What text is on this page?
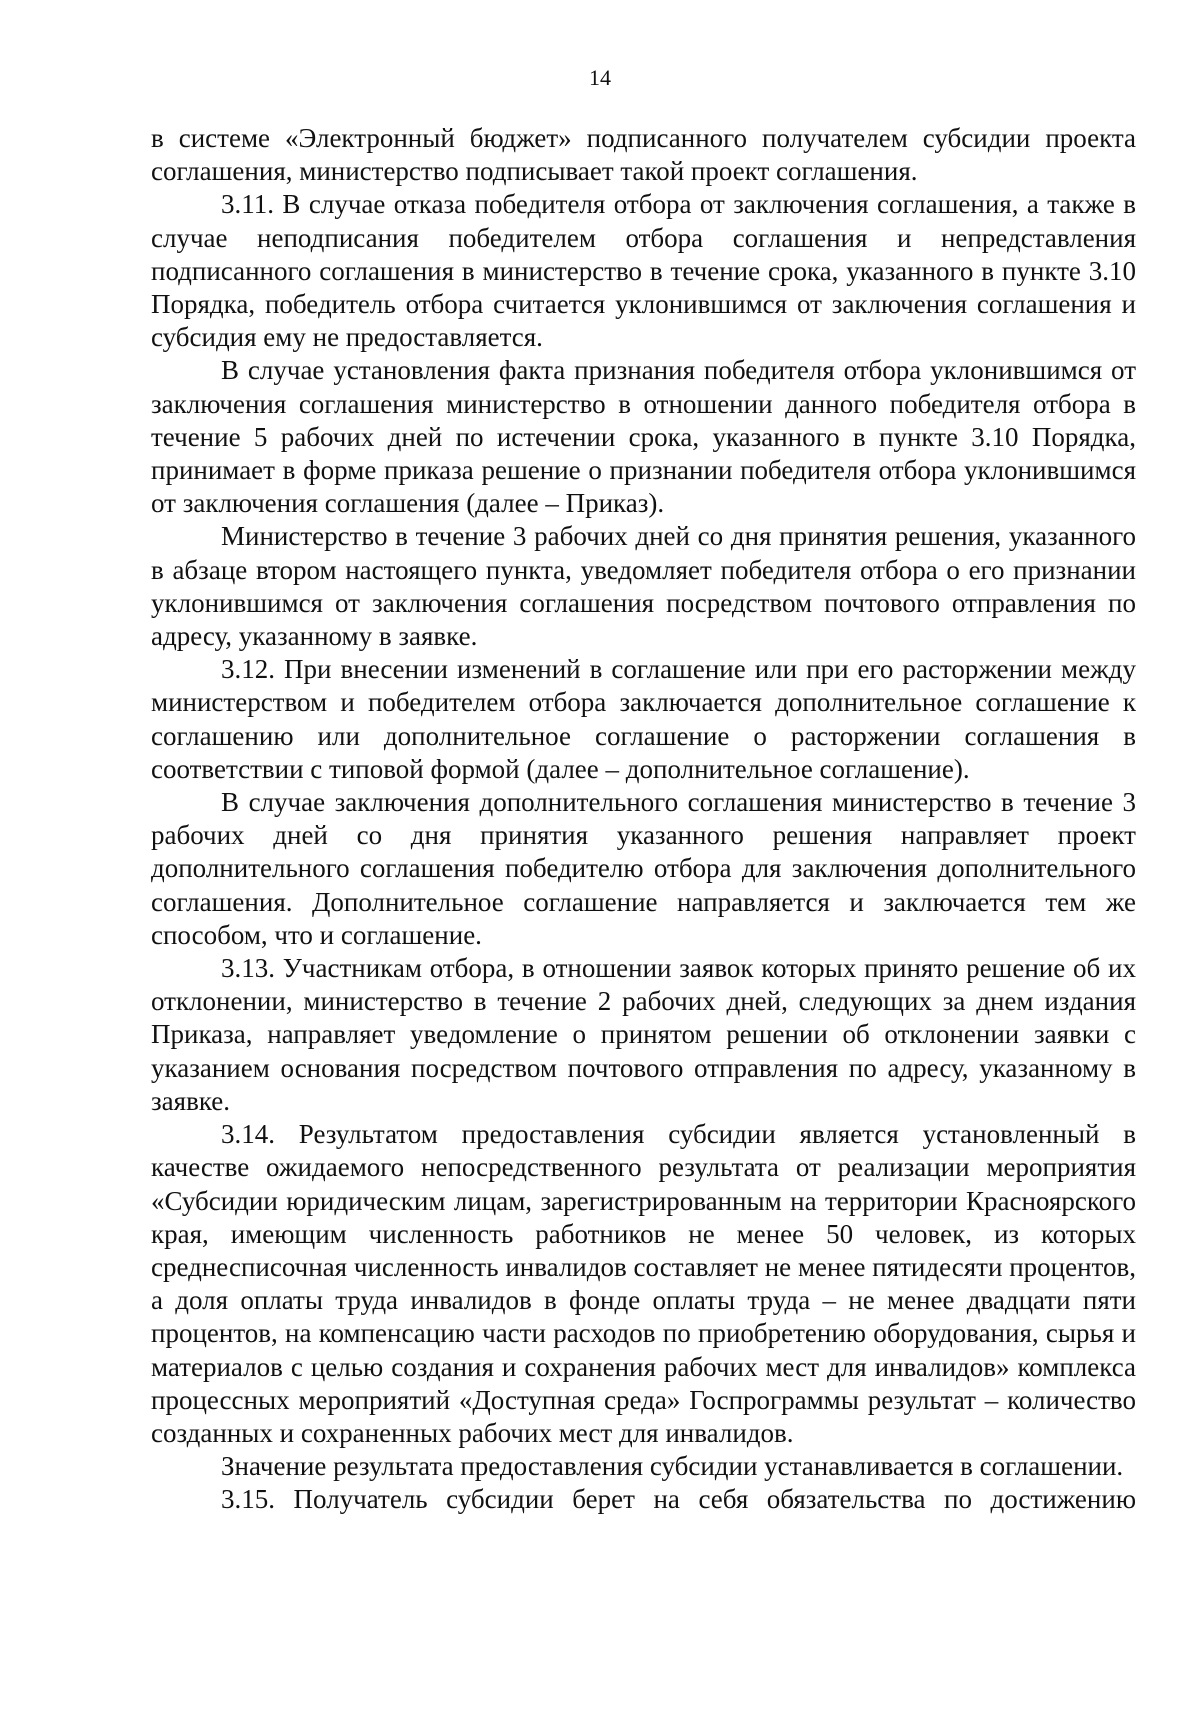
14

в системе «Электронный бюджет» подписанного получателем субсидии проекта соглашения, министерство подписывает такой проект соглашения.

3.11. В случае отказа победителя отбора от заключения соглашения, а также в случае неподписания победителем отбора соглашения и непредставления подписанного соглашения в министерство в течение срока, указанного в пункте 3.10 Порядка, победитель отбора считается уклонившимся от заключения соглашения и субсидия ему не предоставляется.

В случае установления факта признания победителя отбора уклонившимся от заключения соглашения министерство в отношении данного победителя отбора в течение 5 рабочих дней по истечении срока, указанного в пункте 3.10 Порядка, принимает в форме приказа решение о признании победителя отбора уклонившимся от заключения соглашения (далее – Приказ).

Министерство в течение 3 рабочих дней со дня принятия решения, указанного в абзаце втором настоящего пункта, уведомляет победителя отбора о его признании уклонившимся от заключения соглашения посредством почтового отправления по адресу, указанному в заявке.

3.12. При внесении изменений в соглашение или при его расторжении между министерством и победителем отбора заключается дополнительное соглашение к соглашению или дополнительное соглашение о расторжении соглашения в соответствии с типовой формой (далее – дополнительное соглашение).

В случае заключения дополнительного соглашения министерство в течение 3 рабочих дней со дня принятия указанного решения направляет проект дополнительного соглашения победителю отбора для заключения дополнительного соглашения. Дополнительное соглашение направляется и заключается тем же способом, что и соглашение.

3.13. Участникам отбора, в отношении заявок которых принято решение об их отклонении, министерство в течение 2 рабочих дней, следующих за днем издания Приказа, направляет уведомление о принятом решении об отклонении заявки с указанием основания посредством почтового отправления по адресу, указанному в заявке.

3.14. Результатом предоставления субсидии является установленный в качестве ожидаемого непосредственного результата от реализации мероприятия «Субсидии юридическим лицам, зарегистрированным на территории Красноярского края, имеющим численность работников не менее 50 человек, из которых среднесписочная численность инвалидов составляет не менее пятидесяти процентов, а доля оплаты труда инвалидов в фонде оплаты труда – не менее двадцати пяти процентов, на компенсацию части расходов по приобретению оборудования, сырья и материалов с целью создания и сохранения рабочих мест для инвалидов» комплекса процессных мероприятий «Доступная среда» Госпрограммы результат – количество созданных и сохраненных рабочих мест для инвалидов.

Значение результата предоставления субсидии устанавливается в соглашении.

3.15. Получатель субсидии берет на себя обязательства по достижению
